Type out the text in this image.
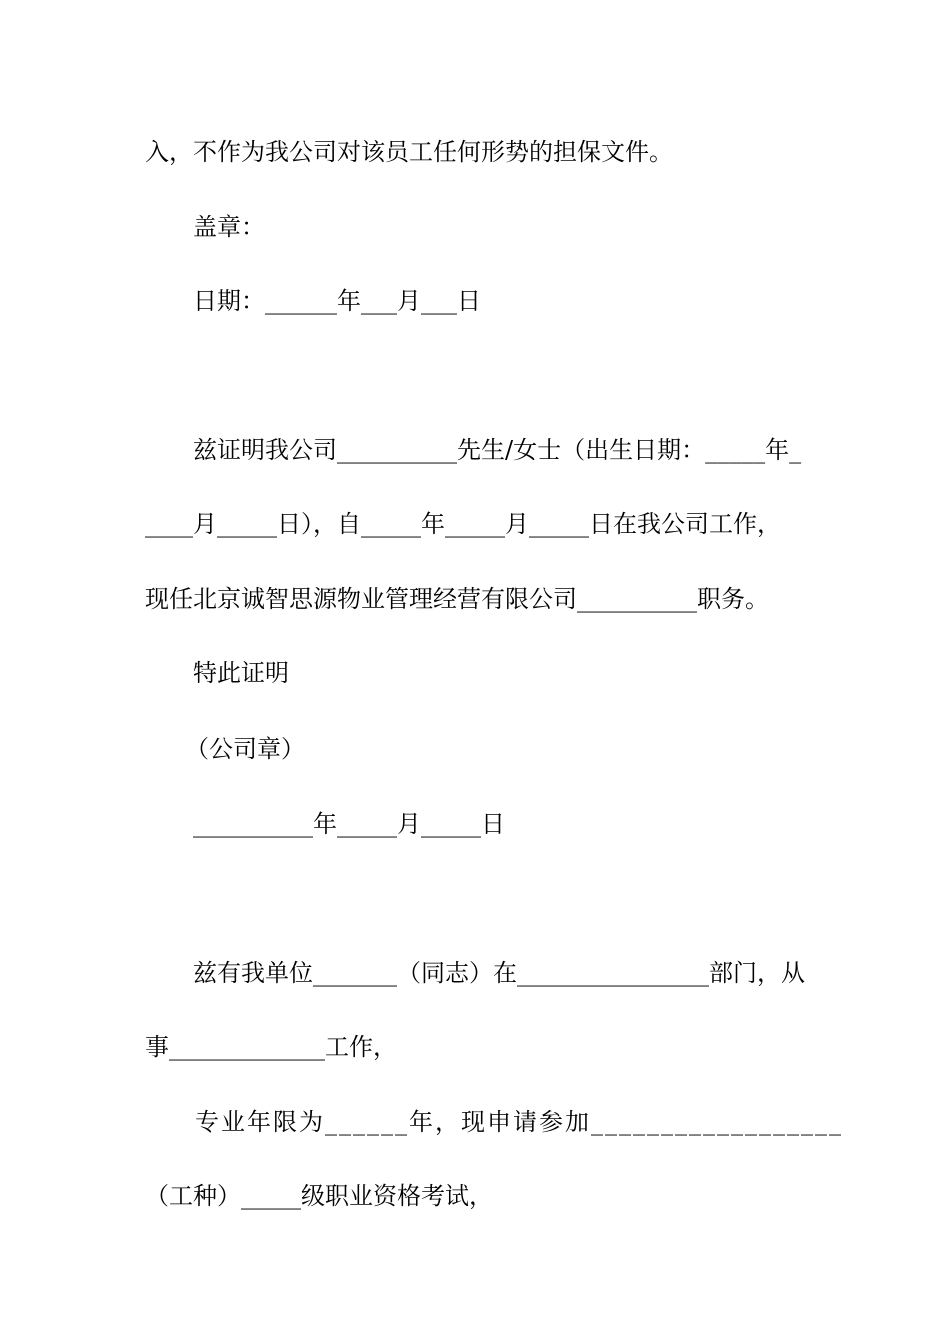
入，不作为我公司对该员工任何形势的担保文件。
盖章：
日期：______年___月___日
兹证明我公司__________先生/女士（出生日期：_____年_
____月_____日），自_____年_____月_____日在我公司工作，
现任北京诚智思源物业管理经营有限公司__________职务。
特此证明
（公司章）
__________年_____月_____日
兹有我单位_______（同志）在________________部门，从
事_____________工作，
专业年限为______年，现申请参加__________________
（工种）_____级职业资格考试，
